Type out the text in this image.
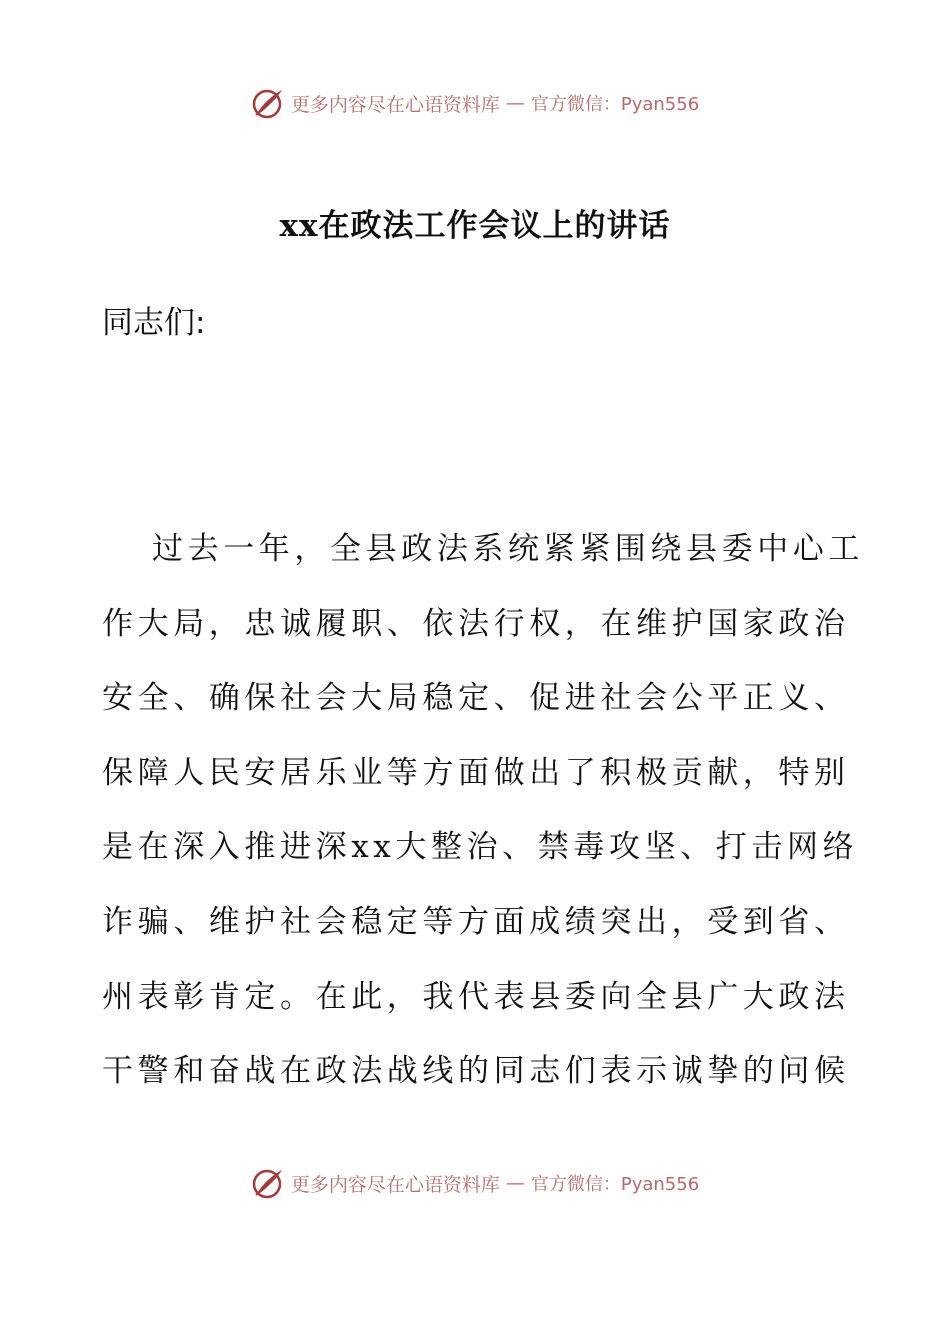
更多内容尽在心语资料库 — 官方微信：Pyan556
xx在政法工作会议上的讲话
同志们:

过去一年，全县政法系统紧紧围绕县委中心工作大局，忠诚履职、依法行权，在维护国家政治安全、确保社会大局稳定、促进社会公平正义、保障人民安居乐业等方面做出了积极贡献，特别是在深入推进深xx大整治、禁毒攻坚、打击网络诈骗、维护社会稳定等方面成绩突出，受到省、州表彰肯定。在此，我代表县委向全县广大政法干警和奋战在政法战线的同志们表示诚挚的问候

更多内容尽在心语资料库 — 官方微信：Pyan556
